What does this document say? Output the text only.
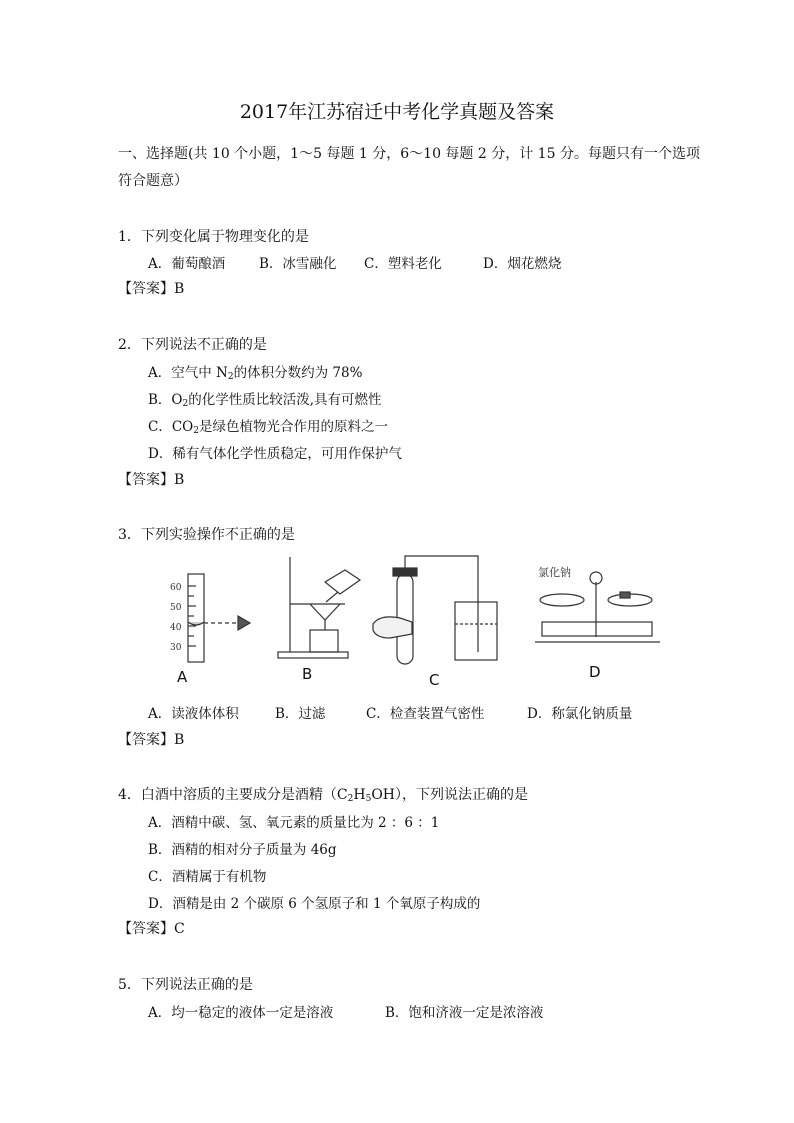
2017年江苏宿迁中考化学真题及答案
一、选择题(共 10 个小题，1～5 每题 1 分，6～10 每题 2 分，计 15 分。每题只有一个选项
符合题意）
1．下列变化属于物理变化的是
A．葡萄酿酒	B．冰雪融化 C．塑料老化	D．烟花燃烧
【答案】B
2．下列说法不正确的是
A．空气中 $N_2$的体积分数约为 78%
B．$O_2$的化学性质比较活泼,具有可燃性
C．$CO_2$是绿色植物光合作用的原料之一
D．稀有气体化学性质稳定，可用作保护气
【答案】B
3．下列实验操作不正确的是
60
50
40
30
氯化钠
A	B	C	D
A．读液体体积	B．过滤	C．检查装置气密性	D．称氯化钠质量
【答案】B
4．白酒中溶质的主要成分是酒精$(C_2H_5OH)$，下列说法正确的是
A．酒精中碳、氢、氧元素的质量比为 2 ：6 ：1
B．酒精的相对分子质量为 46g
C．酒精属于有机物
D．酒精是由 2 个碳原 6 个氢原子和 1 个氧原子构成的
【答案】C
5．下列说法正确的是
A．均一稳定的液体一定是溶液	B．饱和济液一定是浓溶液
